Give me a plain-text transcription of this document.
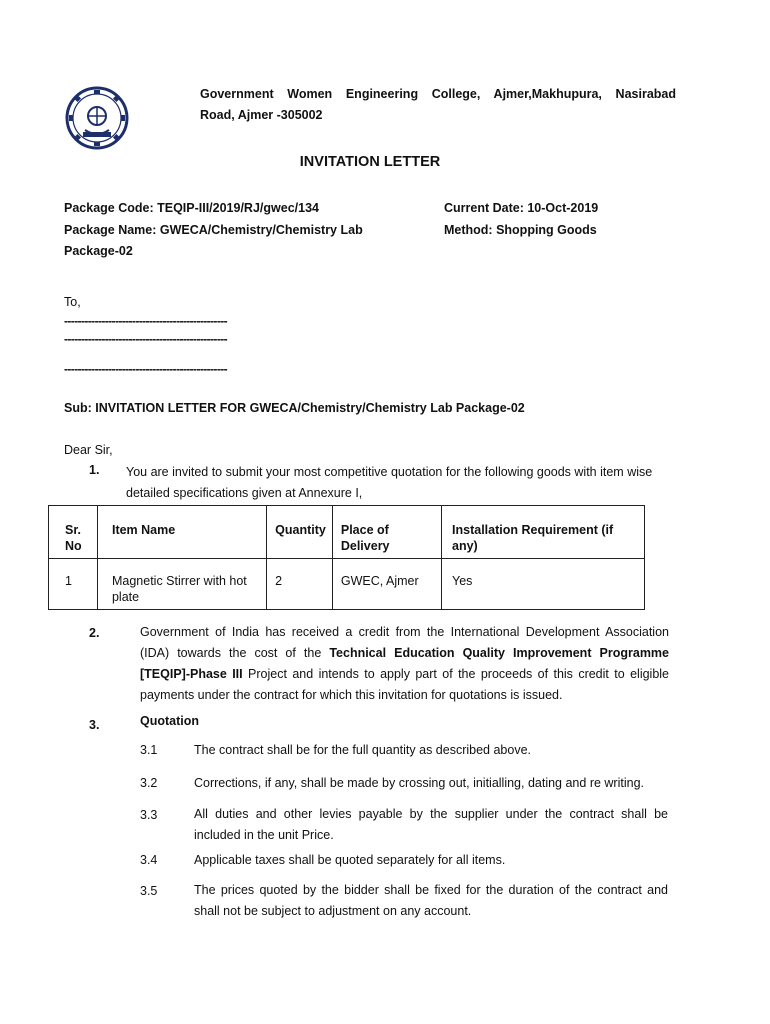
Government Women Engineering College, Ajmer,Makhupura, Nasirabad
Road, Ajmer -305002
INVITATION LETTER
Package Code: TEQIP-III/2019/RJ/gwec/134	Current Date: 10-Oct-2019
Package Name: GWECA/Chemistry/Chemistry Lab	Method: Shopping Goods
Package-02
To,
------------------------------------------------
------------------------------------------------
------------------------------------------------
Sub: INVITATION LETTER FOR GWECA/Chemistry/Chemistry Lab Package-02
Dear Sir,
1. You are invited to submit your most competitive quotation for the following goods with item wise
detailed specifications given at Annexure I,
Sr. No	Item Name	Quantity	Place of Delivery	Installation Requirement (if any)
1	Magnetic Stirrer with hot plate	2	GWEC, Ajmer	Yes
2.	Government of India has received a credit from the International Development Association (IDA) towards the cost of the Technical Education Quality Improvement Programme [TEQIP]-Phase III Project and intends to apply part of the proceeds of this credit to eligible payments under the contract for which this invitation for quotations is issued.
3.	Quotation
3.1	The contract shall be for the full quantity as described above.
3.2	Corrections, if any, shall be made by crossing out, initialling, dating and re writing.
3.3	All duties and other levies payable by the supplier under the contract shall be included in the unit Price.
3.4	Applicable taxes shall be quoted separately for all items.
3.5	The prices quoted by the bidder shall be fixed for the duration of the contract and shall not be subject to adjustment on any account.
